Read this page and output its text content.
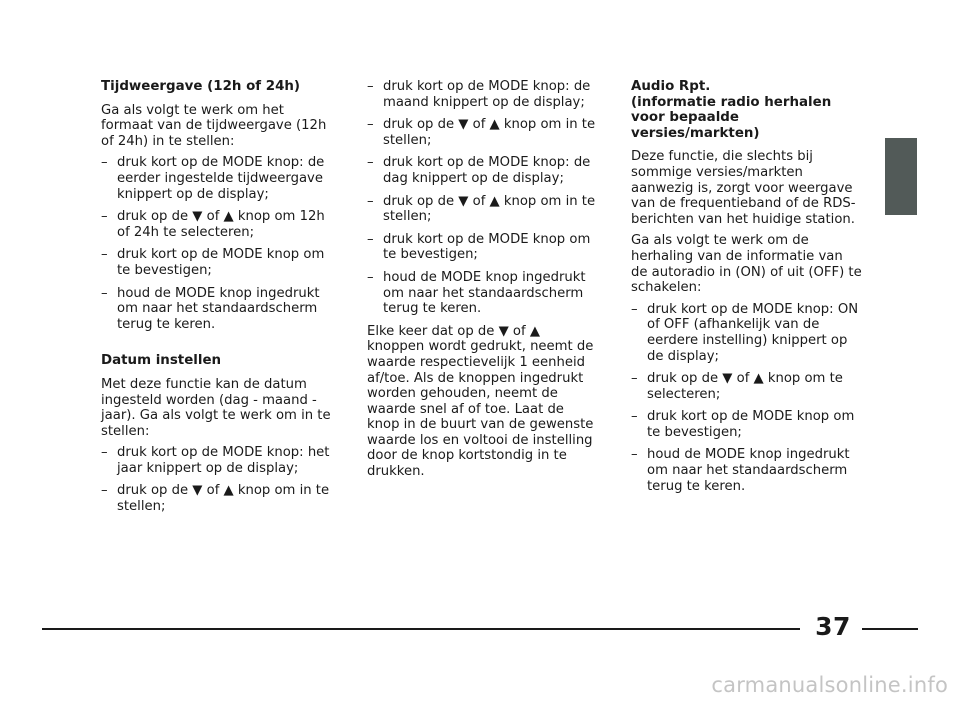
Tijdweergave (12h of 24h)
Ga als volgt te werk om het formaat van de tijdweergave (12h of 24h) in te stellen:
– druk kort op de MODE knop: de eerder ingestelde tijdweergave knippert op de display;
– druk op de ▼ of ▲ knop om 12h of 24h te selecteren;
– druk kort op de MODE knop om te bevestigen;
– houd de MODE knop ingedrukt om naar het standaardscherm terug te keren.
Datum instellen
Met deze functie kan de datum ingesteld worden (dag - maand - jaar). Ga als volgt te werk om in te stellen:
– druk kort op de MODE knop: het jaar knippert op de display;
– druk op de ▼ of ▲ knop om in te stellen;
– druk kort op de MODE knop: de maand knippert op de display;
– druk op de ▼ of ▲ knop om in te stellen;
– druk kort op de MODE knop: de dag knippert op de display;
– druk op de ▼ of ▲ knop om in te stellen;
– druk kort op de MODE knop om te bevestigen;
– houd de MODE knop ingedrukt om naar het standaardscherm terug te keren.
Elke keer dat op de ▼ of ▲ knoppen wordt gedrukt, neemt de waarde respectievelijk 1 eenheid af/toe. Als de knoppen ingedrukt worden gehouden, neemt de waarde snel af of toe. Laat de knop in de buurt van de gewenste waarde los en voltooi de instelling door de knop kortstondig in te drukken.
Audio Rpt.
(informatie radio herhalen
voor bepaalde versies/markten)
Deze functie, die slechts bij sommige versies/markten aanwezig is, zorgt voor weergave van de frequentieband of de RDS-berichten van het huidige station.
Ga als volgt te werk om de herhaling van de informatie van de autoradio in (ON) of uit (OFF) te schakelen:
– druk kort op de MODE knop: ON of OFF (afhankelijk van de eerdere instelling) knippert op de display;
– druk op de ▼ of ▲ knop om te selecteren;
– druk kort op de MODE knop om te bevestigen;
– houd de MODE knop ingedrukt om naar het standaardscherm terug te keren.
37
carmanualsonline.info
